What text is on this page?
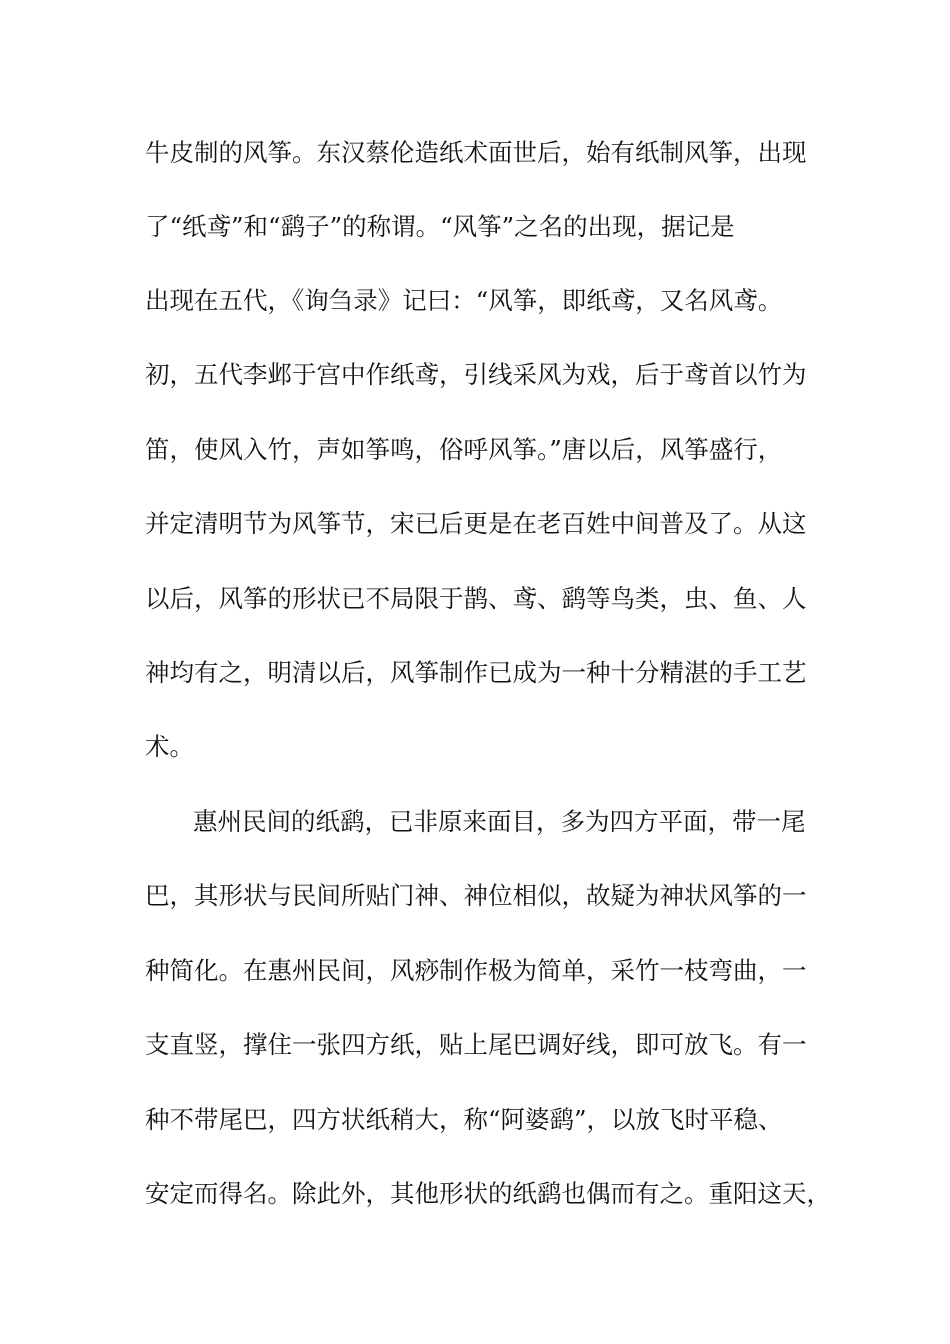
牛皮制的风筝。东汉蔡伦造纸术面世后，始有纸制风筝，出现

了“纸鸢”和“鹞子”的称谓。“风筝”之名的出现，据记是

出现在五代，《询刍录》记曰：“风筝，即纸鸢，又名风鸢。

初，五代李邺于宫中作纸鸢，引线采风为戏，后于鸢首以竹为

笛，使风入竹，声如筝鸣，俗呼风筝。”唐以后，风筝盛行，

并定清明节为风筝节，宋已后更是在老百姓中间普及了。从这

以后，风筝的形状已不局限于鹊、鸢、鹞等鸟类，虫、鱼、人

神均有之，明清以后，风筝制作已成为一种十分精湛的手工艺

术。

惠州民间的纸鹞，已非原来面目，多为四方平面，带一尾

巴，其形状与民间所贴门神、神位相似，故疑为神状风筝的一

种简化。在惠州民间，风痧制作极为简单，采竹一枝弯曲，一

支直竖，撑住一张四方纸，贴上尾巴调好线，即可放飞。有一

种不带尾巴，四方状纸稍大，称“阿婆鹞”，以放飞时平稳、

安定而得名。除此外，其他形状的纸鹞也偶而有之。重阳这天，
